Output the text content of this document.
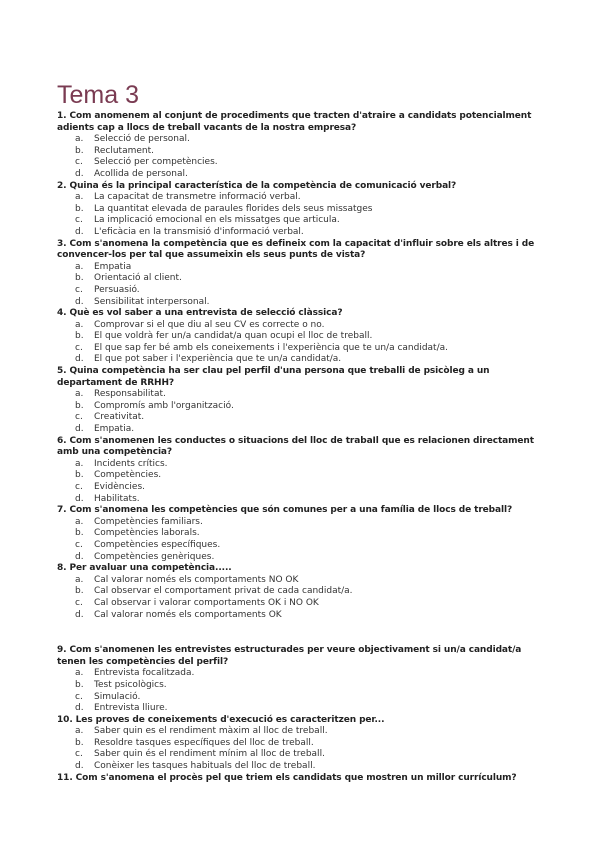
Tema 3
1. Com anomenem al conjunt de procediments que tracten d'atraire a candidats potencialment adients cap a llocs de treball vacants de la nostra empresa?
a. Selecció de personal.
b. Reclutament.
c. Selecció per competències.
d. Acollida de personal.
2. Quina és la principal característica de la competència de comunicació verbal?
a. La capacitat de transmetre informació verbal.
b. La quantitat elevada de paraules florides dels seus missatges
c. La implicació emocional en els missatges que articula.
d. L'eficàcia en la transmisió d'informació verbal.
3. Com s'anomena la competència que es defineix com la capacitat d'influir sobre els altres i de convencer-los per tal que assumeixin els seus punts de vista?
a. Empatia
b. Orientació al client.
c. Persuasió.
d. Sensibilitat interpersonal.
4. Què es vol saber a una entrevista de selecció clàssica?
a. Comprovar si el que diu al seu CV es correcte o no.
b. El que voldrà fer un/a candidat/a quan ocupi el lloc de treball.
c. El que sap fer bé amb els coneixements i l'experiència que te un/a candidat/a.
d. El que pot saber i l'experiència que te un/a candidat/a.
5. Quina competència ha ser clau pel perfil d'una persona que treballi de psicòleg a un departament de RRHH?
a. Responsabilitat.
b. Compromís amb l'organització.
c. Creativitat.
d. Empatia.
6. Com s'anomenen les conductes o situacions del lloc de trabaIl que es relacionen directament amb una competència?
a. Incidents crítics.
b. Competències.
c. Evidències.
d. Habilitats.
7. Com s'anomena les competències que són comunes per a una família de llocs de treball?
a. Competències familiars.
b. Competències laborals.
c. Competències específiques.
d. Competències genèriques.
8. Per avaluar una competència.....
a. Cal valorar només els comportaments NO OK
b. Cal observar el comportament privat de cada candidat/a.
c. Cal observar i valorar comportaments OK i NO OK
d. Cal valorar només els comportaments OK
9. Com s'anomenen les entrevistes estructurades per veure objectivament si un/a candidat/a tenen les competències del perfil?
a. Entrevista focalitzada.
b. Test psicològics.
c. Simulació.
d. Entrevista lliure.
10. Les proves de coneixements d'execució es caracteritzen per...
a. Saber quin es el rendiment màxim al lloc de treball.
b. Resoldre tasques específiques del lloc de treball.
c. Saber quin és el rendiment mínim al lloc de treball.
d. Conèixer les tasques habituals del lloc de treball.
11. Com s'anomena el procès pel que triem els candidats que mostren un millor currículum?
